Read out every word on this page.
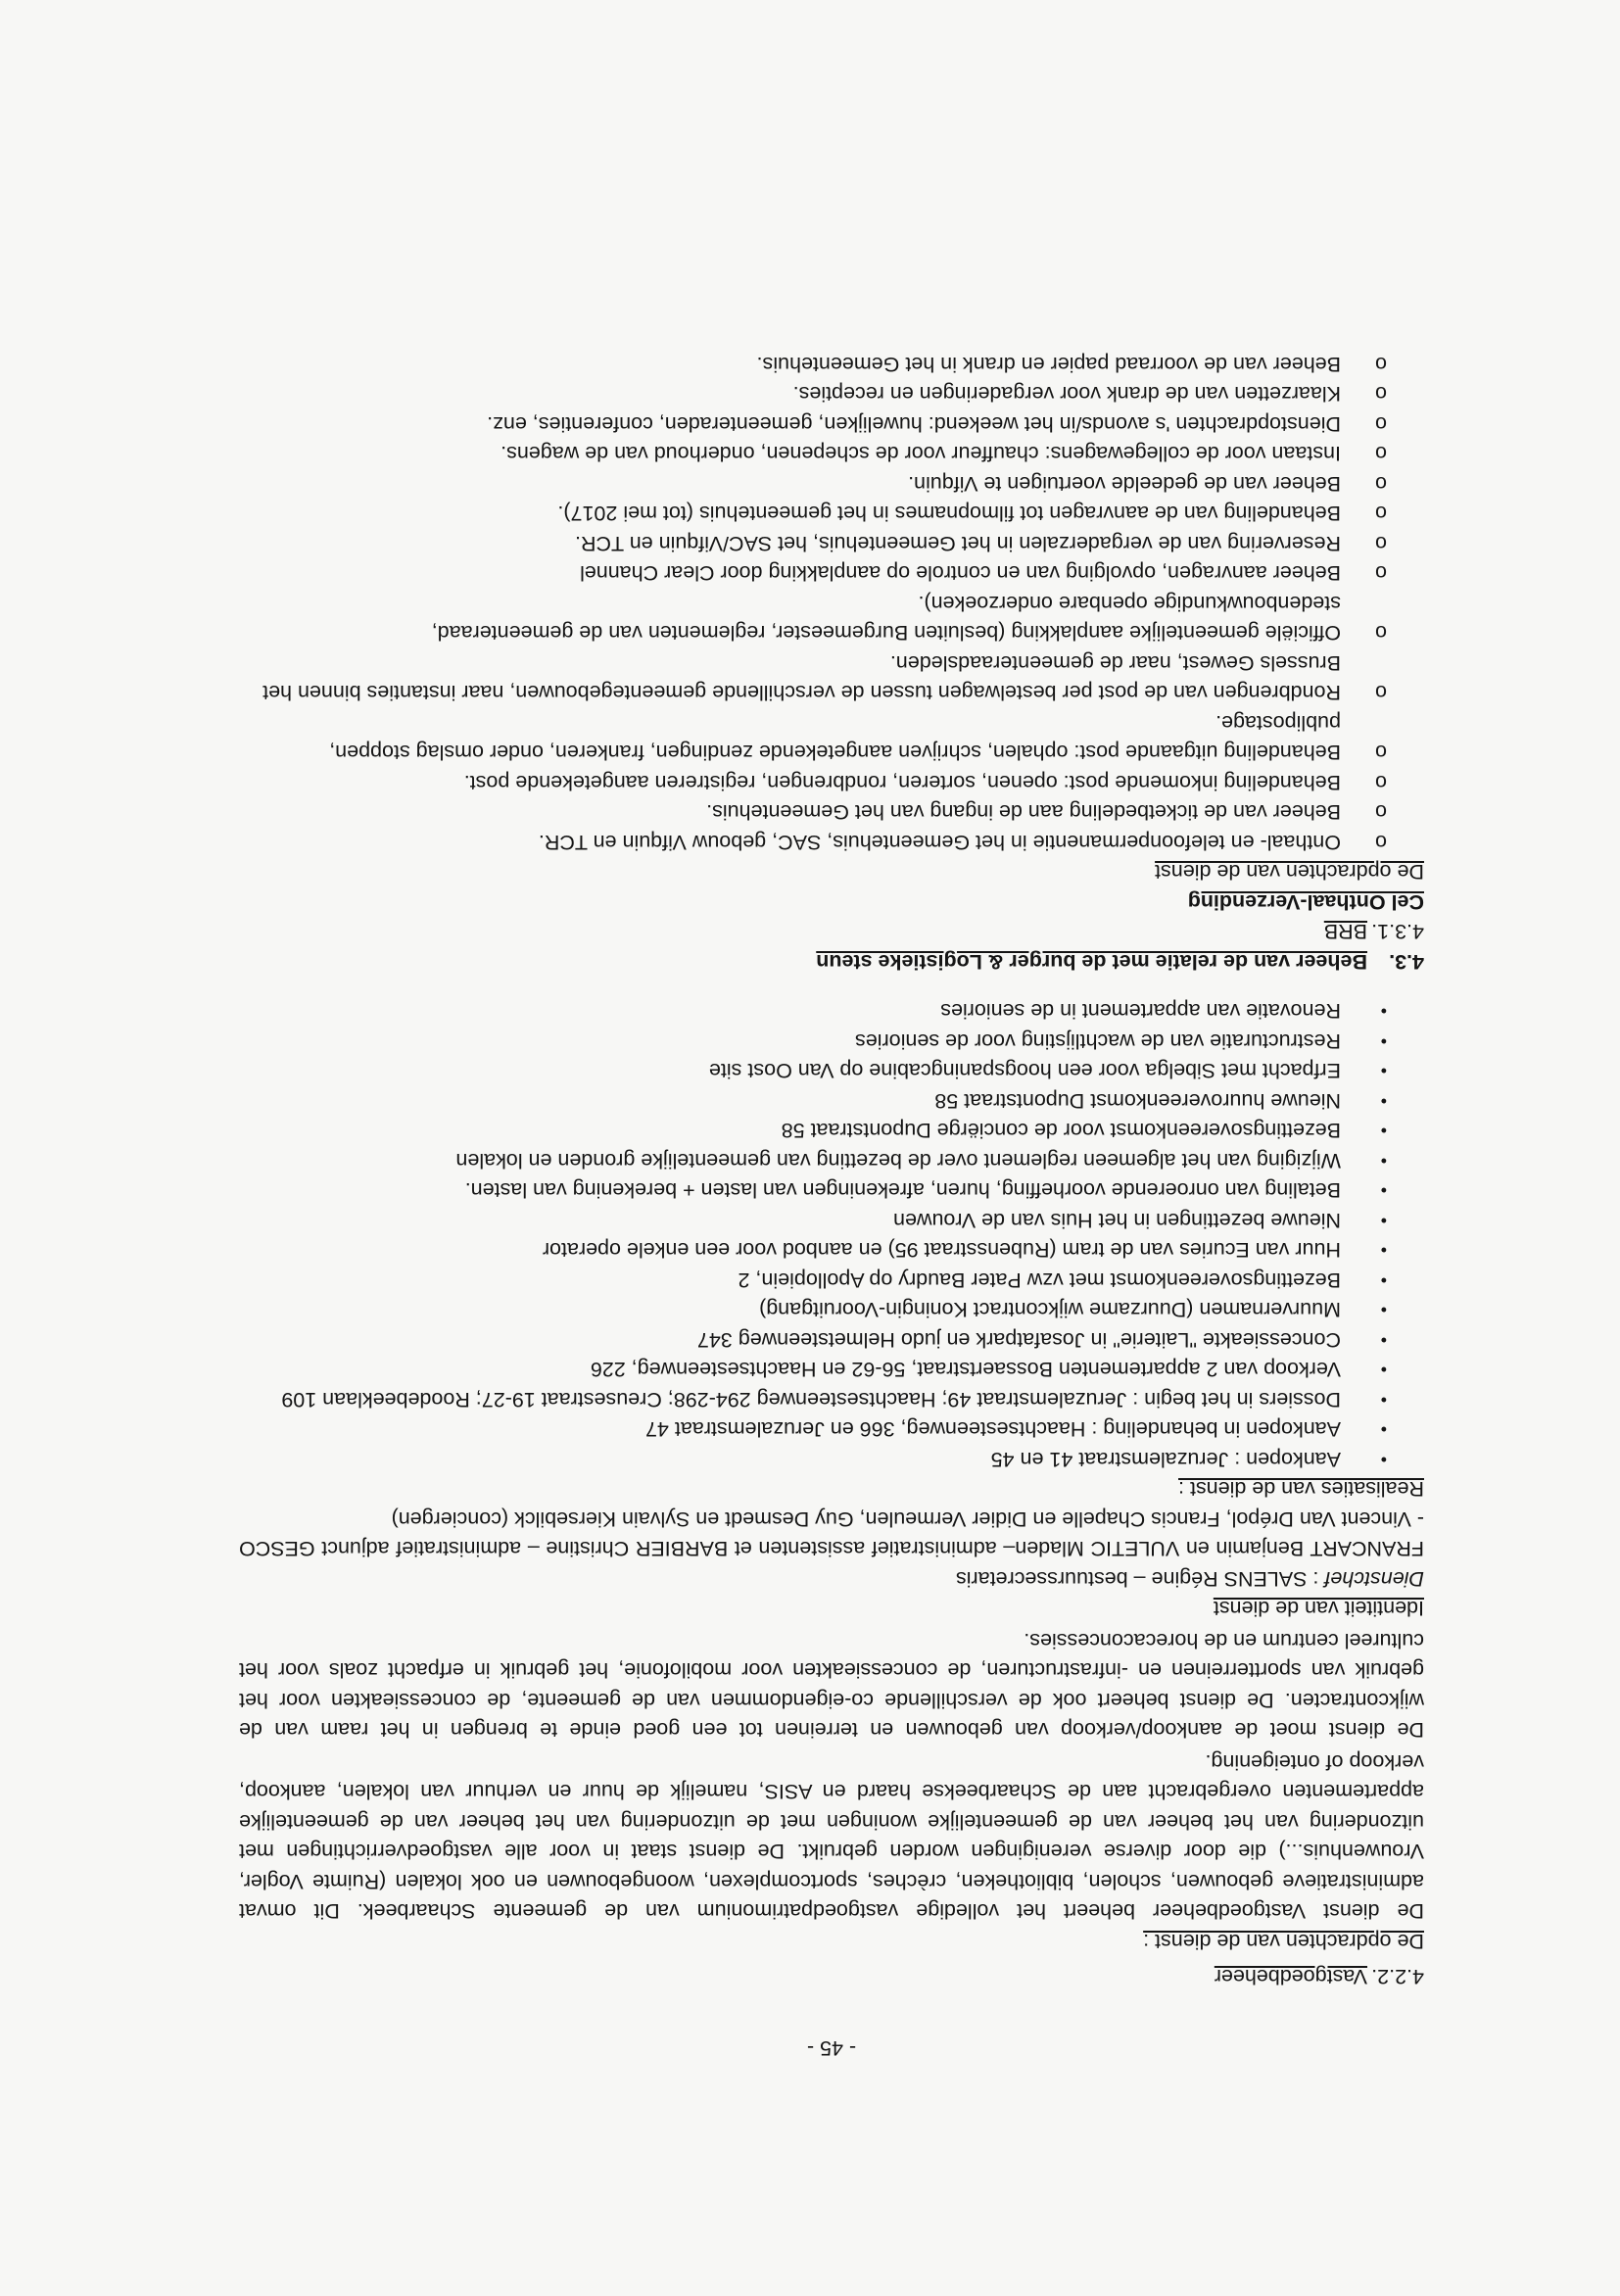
- 45 -
4.2.2. Vastgoedbeheer
De opdrachten van de dienst :

De dienst Vastgoedbeheer beheert het volledige vastgoedpatrimonium van de gemeente Schaarbeek. Dit omvat administratieve gebouwen, scholen, bibliotheken, crèches, sportcomplexen, woongebouwen en ook lokalen (Ruimte Vogler, Vrouwenhuis...) die door diverse verenigingen worden gebruikt. De dienst staat in voor alle vastgoedverrichtingen met uitzondering van het beheer van de gemeentelijke woningen met de uitzondering van het beheer van de gemeentelijke appartementen overgebracht aan de Schaarbeekse haard en ASIS, namelijk de huur en verhuur van lokalen, aankoop, verkoop of onteigening.

De dienst moet de aankoop/verkoop van gebouwen en terreinen tot een goed einde te brengen in het raam van de wijkcontracten. De dienst beheert ook de verschillende co-eigendommen van de gemeente, de concessieakten voor het gebruik van sportterreinen en -infrastructuren, de concessieakten voor mobilofonie, het gebruik in erfpacht zoals voor het cultureel centrum en de horecaconcessies.

Identiteit van de dienst
Dienstchef : SALENS Régine – bestuurssecretaris

FRANCART Benjamin en VULETIC Mladen– administratief assistenten et BARBIER Christine – administratief adjunct GESCO - Vincent Van Drépol, Francis Chapelle en Didier Vermeulen, Guy Desmedt en Sylvain Kiersebilck (conciergen)

Realisaties van de dienst :
•
Aankopen : Jeruzalemstraat 41 en 45
•
Aankopen in behandeling : Haachtsesteenweg, 366 en Jeruzalemstraat 47
•
Dossiers in het begin : Jeruzalemstraat 49; Haachtsesteenweg 294-298; Creusestraat 19-27; Roodebeeklaan 109
•
Verkoop van 2 appartementen Bossaertstraat, 56-62 en Haachtsesteenweg, 226
•
Concessieakte "Laiterie" in Josafatpark en judo Helmetsteenweg 347
•
Muurvernamen (Duurzame wijkcontract Koningin-Vooruitgang)
•
Bezettingsovereenkomst met vzw Pater Baudry op Apollopiein, 2
•
Huur van Ecuries van de tram (Rubensstraat 95) en aanbod voor een enkele operator
•
Nieuwe bezettingen in het Huis van de Vrouwen
•
Betaling van onroerende voorheffing, huren, afrekeningen van lasten + berekening van lasten.
•
Wijziging van het algemeen reglement over de bezetting van gemeentelijke gronden en lokalen
•
Bezettingsovereenkomst voor de conciërge Dupontstraat 58
•
Nieuwe huurovereenkomst Dupontstraat 58
•
Erfpacht met Sibelga voor een hoogspaningcabine op Van Oost site
•
Restructuratie van de wachtlijsting voor de seniories
•
Renovatie van appartement in de seniories
4.3. Beheer van de relatie met de burger & Logistieke steun
4.3.1. BRB
Cel Onthaal-Verzending
De opdrachten van de dienst
o
Onthaal- en telefoonpermanentie in het Gemeentehuis, SAC, gebouw Vifquin en TCR.
o
Beheer van de ticketbedeling aan de ingang van het Gemeentehuis.
o
Behandeling inkomende post: openen, sorteren, rondbrengen, registreren aangetekende post.
o
Behandeling uitgaande post: ophalen, schrijven aangetekende zendingen, frankeren, onder omslag stoppen, publipostage.
o
Rondbrengen van de post per bestelwagen tussen de verschillende gemeentegebouwen, naar instanties binnen het Brussels Gewest, naar de gemeenteraadsleden.
o
Officiële gemeentelijke aanplakking (besluiten Burgemeester, reglementen van de gemeenteraad, stedenbouwkundige openbare onderzoeken).
o
Beheer aanvragen, opvolging van en controle op aanplakking door Clear Channel
o
Reservering van de vergaderzalen in het Gemeentehuis, het SAC/Vifquin en TCR.
o
Behandeling van de aanvragen tot filmopnames in het gemeentehuis (tot mei 2017).
o
Beheer van de gedeelde voertuigen te Vifquin.
o
Instaan voor de collegewagens: chauffeur voor de schepenen, onderhoud van de wagens.
o
Dienstopdrachten 's avonds/in het weekend: huwelijken, gemeenteraden, conferenties, enz.
o
Klaarzetten van de drank voor vergaderingen en recepties.
o
Beheer van de voorraad papier en drank in het Gemeentehuis.
